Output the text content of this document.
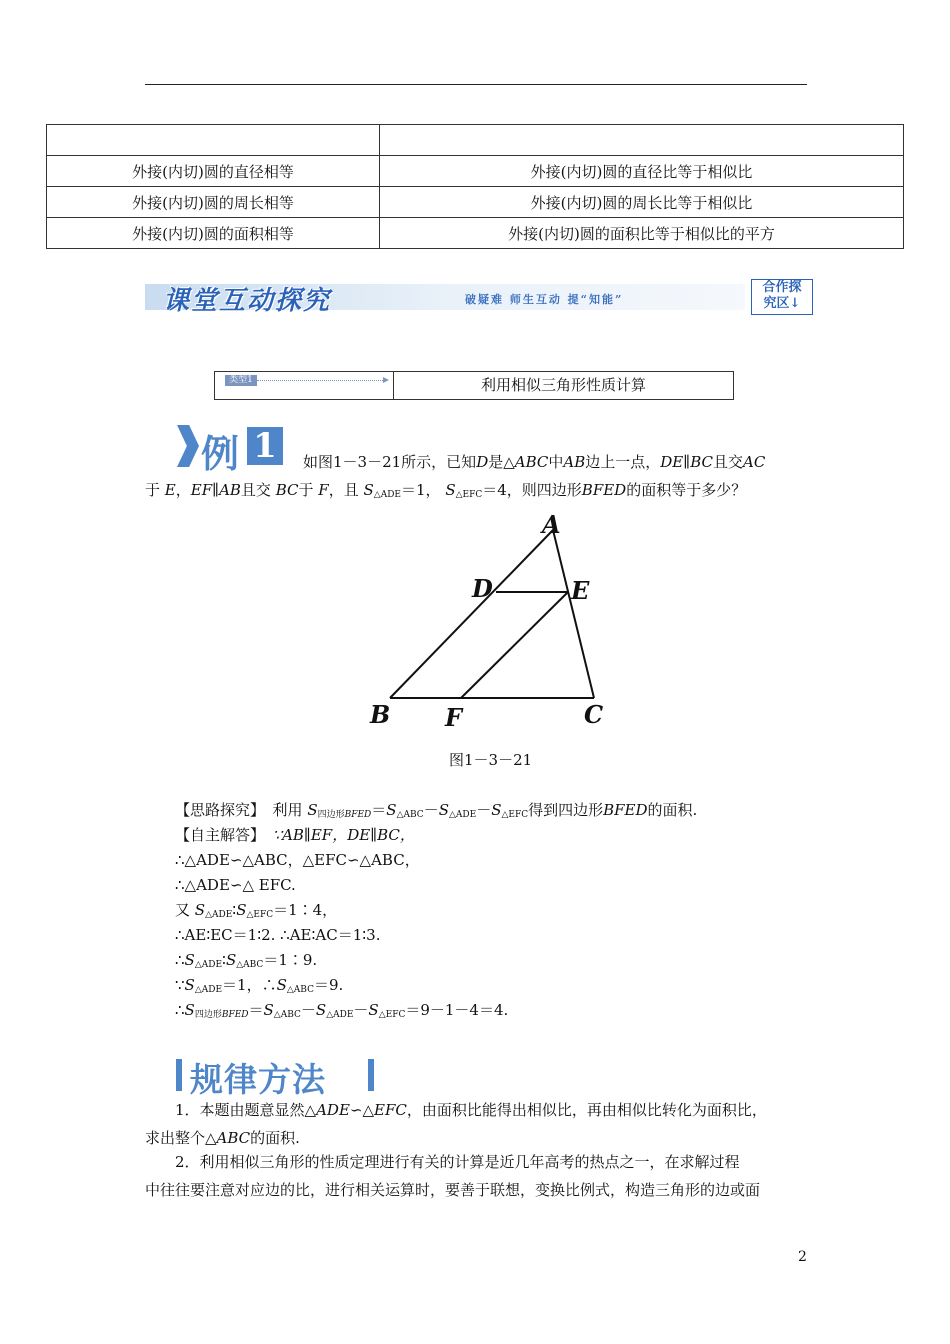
外接(内切)圆的直径相等	外接(内切)圆的直径比等于相似比
外接(内切)圆的周长相等	外接(内切)圆的周长比等于相似比
外接(内切)圆的面积相等	外接(内切)圆的面积比等于相似比的平方
课堂互动探究	破疑难 师生互动 提“知能”
合作探
究区↓
类型1	利用相似三角形性质计算
例 1	如图1－3－21所示，已知D是△ABC中AB边上一点，DE∥BC且交AC
于 E，EF∥AB且交 BC于 F，且 $S_{\triangle ADE}=1$， $S_{\triangle EFC}=4$，则四边形BFED的面积等于多少？
A
D	E
B F	C
图1－3－21
【思路探究】　 利用 $S_{四边形BFED}=S_{\triangle ABC}-S_{\triangle ADE}-S_{\triangle EFC}$得到四边形BFED的面积.
【自主解答】　 ∵AB∥EF，DE∥BC，
∴△ADE∽△ABC，△EFC∽△ABC，
∴△ADE∽△ EFC.
又 $S_{\triangle ADE}∶S_{\triangle EFC}=1∶4$，
∴AE∶EC＝1∶2. ∴AE∶AC＝1∶3.
$\therefore S_{\triangle ADE}∶S_{\triangle ABC}=1∶9$.
$\because S_{\triangle ADE}=1$，$\therefore S_{\triangle ABC}=9$.
$\therefore S_{四边形BFED}=S_{\triangle ABC}-S_{\triangle ADE}-S_{\triangle EFC}=9-1-4=4$.
规律方法
1．本题由题意显然△ADE∽△EFC，由面积比能得出相似比，再由相似比转化为面积比，
求出整个△ABC的面积.
2．利用相似三角形的性质定理进行有关的计算是近几年高考的热点之一，在求解过程
中往往要注意对应边的比，进行相关运算时，要善于联想，变换比例式，构造三角形的边或面
2
